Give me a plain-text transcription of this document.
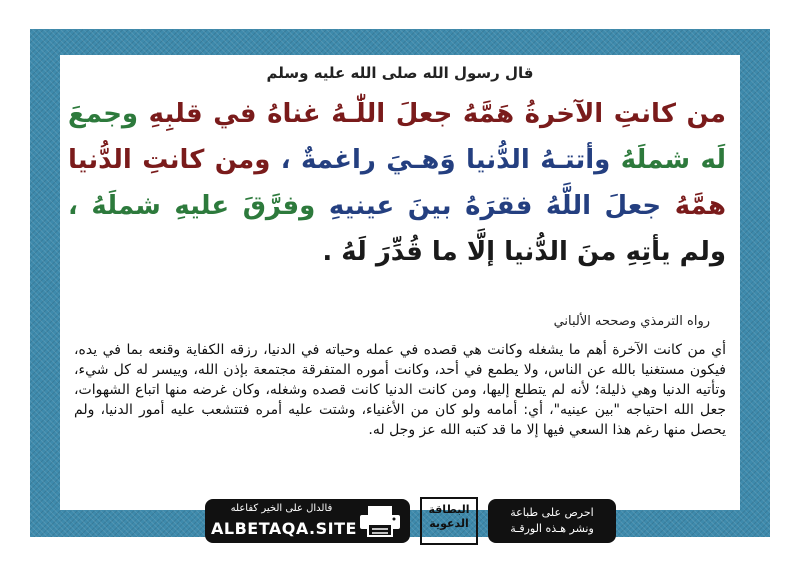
قال رسول الله صلى الله عليه وسلم
من كانتِ الآخرةُ هَمَّهُ جعلَ اللّٰـهُ غناهُ في قلبِهِ وجمعَ لَه شملَهُ وأتتـهُ الدُّنيا وَهـيَ راغمةٌ ، ومن كانتِ الدُّنيا همَّهُ جعلَ اللَّهُ فقرَهُ بينَ عينيهِ وفرَّقَ عليهِ شملَهُ ، ولم يأتِهِ منَ الدُّنيا إلَّا ما قُدِّرَ لَهُ .
رواه الترمذي وصححه الألباني
أي من كانت الآخرة أهم ما يشغله وكانت هي قصده في عمله وحياته في الدنيا، رزقه الكفاية وقنعه بما في يده، فيكون مستغنيا بالله عن الناس، ولا يطمع في أحد، وكانت أموره المتفرقة مجتمعة بإذن الله، وييسر له كل شيء، وتأتيه الدنيا وهي ذليلة؛ لأنه لم يتطلع إليها، ومن كانت الدنيا كانت قصده وشغله، وكان غرضه منها اتباع الشهوات، جعل الله احتياجه "بين عينيه"، أي: أمامه ولو كان من الأغنياء، وشتت عليه أمره فتتشعب عليه أمور الدنيا، ولم يحصل منها رغم هذا السعي فيها إلا ما قد كتبه الله عز وجل له.
فالدال على الخير كفاعله
ALBETAQA.SITE
البطاقة
الدعوية
احرص على طباعة
ونشر هـذه الورقـة
